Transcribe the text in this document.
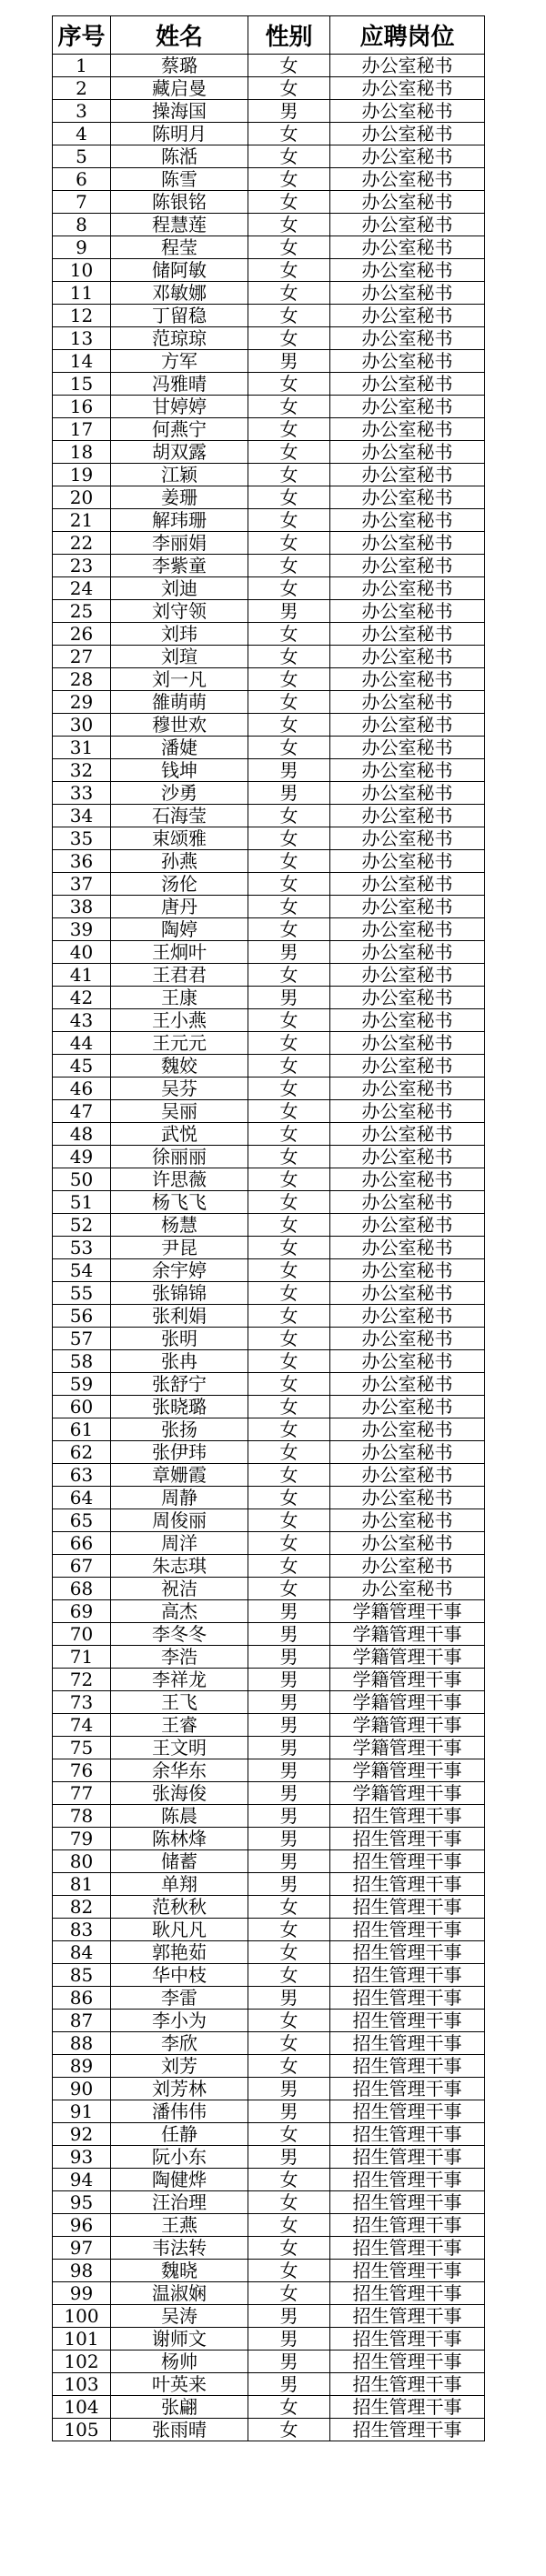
序号	姓名	性别	应聘岗位
1	蔡璐	女	办公室秘书
2	藏启曼	女	办公室秘书
3	操海国	男	办公室秘书
4	陈明月	女	办公室秘书
5	陈湉	女	办公室秘书
6	陈雪	女	办公室秘书
7	陈银铭	女	办公室秘书
8	程慧莲	女	办公室秘书
9	程莹	女	办公室秘书
10	储阿敏	女	办公室秘书
11	邓敏娜	女	办公室秘书
12	丁留稳	女	办公室秘书
13	范琼琼	女	办公室秘书
14	方军	男	办公室秘书
15	冯雅晴	女	办公室秘书
16	甘婷婷	女	办公室秘书
17	何燕宁	女	办公室秘书
18	胡双露	女	办公室秘书
19	江颖	女	办公室秘书
20	姜珊	女	办公室秘书
21	解玮珊	女	办公室秘书
22	李丽娟	女	办公室秘书
23	李紫童	女	办公室秘书
24	刘迪	女	办公室秘书
25	刘守领	男	办公室秘书
26	刘玮	女	办公室秘书
27	刘瑄	女	办公室秘书
28	刘一凡	女	办公室秘书
29	雒萌萌	女	办公室秘书
30	穆世欢	女	办公室秘书
31	潘婕	女	办公室秘书
32	钱坤	男	办公室秘书
33	沙勇	男	办公室秘书
34	石海莹	女	办公室秘书
35	束颂雅	女	办公室秘书
36	孙燕	女	办公室秘书
37	汤伦	女	办公室秘书
38	唐丹	女	办公室秘书
39	陶婷	女	办公室秘书
40	王炯叶	男	办公室秘书
41	王君君	女	办公室秘书
42	王康	男	办公室秘书
43	王小燕	女	办公室秘书
44	王元元	女	办公室秘书
45	魏姣	女	办公室秘书
46	吴芬	女	办公室秘书
47	吴丽	女	办公室秘书
48	武悦	女	办公室秘书
49	徐丽丽	女	办公室秘书
50	许思薇	女	办公室秘书
51	杨飞飞	女	办公室秘书
52	杨慧	女	办公室秘书
53	尹昆	女	办公室秘书
54	余宇婷	女	办公室秘书
55	张锦锦	女	办公室秘书
56	张利娟	女	办公室秘书
57	张明	女	办公室秘书
58	张冉	女	办公室秘书
59	张舒宁	女	办公室秘书
60	张晓璐	女	办公室秘书
61	张扬	女	办公室秘书
62	张伊玮	女	办公室秘书
63	章姗霞	女	办公室秘书
64	周静	女	办公室秘书
65	周俊丽	女	办公室秘书
66	周洋	女	办公室秘书
67	朱志琪	女	办公室秘书
68	祝洁	女	办公室秘书
69	高杰	男	学籍管理干事
70	李冬冬	男	学籍管理干事
71	李浩	男	学籍管理干事
72	李祥龙	男	学籍管理干事
73	王飞	男	学籍管理干事
74	王睿	男	学籍管理干事
75	王文明	男	学籍管理干事
76	余华东	男	学籍管理干事
77	张海俊	男	学籍管理干事
78	陈晨	男	招生管理干事
79	陈林烽	男	招生管理干事
80	储蓄	男	招生管理干事
81	单翔	男	招生管理干事
82	范秋秋	女	招生管理干事
83	耿凡凡	女	招生管理干事
84	郭艳茹	女	招生管理干事
85	华中枝	女	招生管理干事
86	李雷	男	招生管理干事
87	李小为	女	招生管理干事
88	李欣	女	招生管理干事
89	刘芳	女	招生管理干事
90	刘芳林	男	招生管理干事
91	潘伟伟	男	招生管理干事
92	任静	女	招生管理干事
93	阮小东	男	招生管理干事
94	陶健烨	女	招生管理干事
95	汪治理	女	招生管理干事
96	王燕	女	招生管理干事
97	韦法转	女	招生管理干事
98	魏晓	女	招生管理干事
99	温淑娴	女	招生管理干事
100	吴涛	男	招生管理干事
101	谢师文	男	招生管理干事
102	杨帅	男	招生管理干事
103	叶英来	男	招生管理干事
104	张翩	女	招生管理干事
105	张雨晴	女	招生管理干事
